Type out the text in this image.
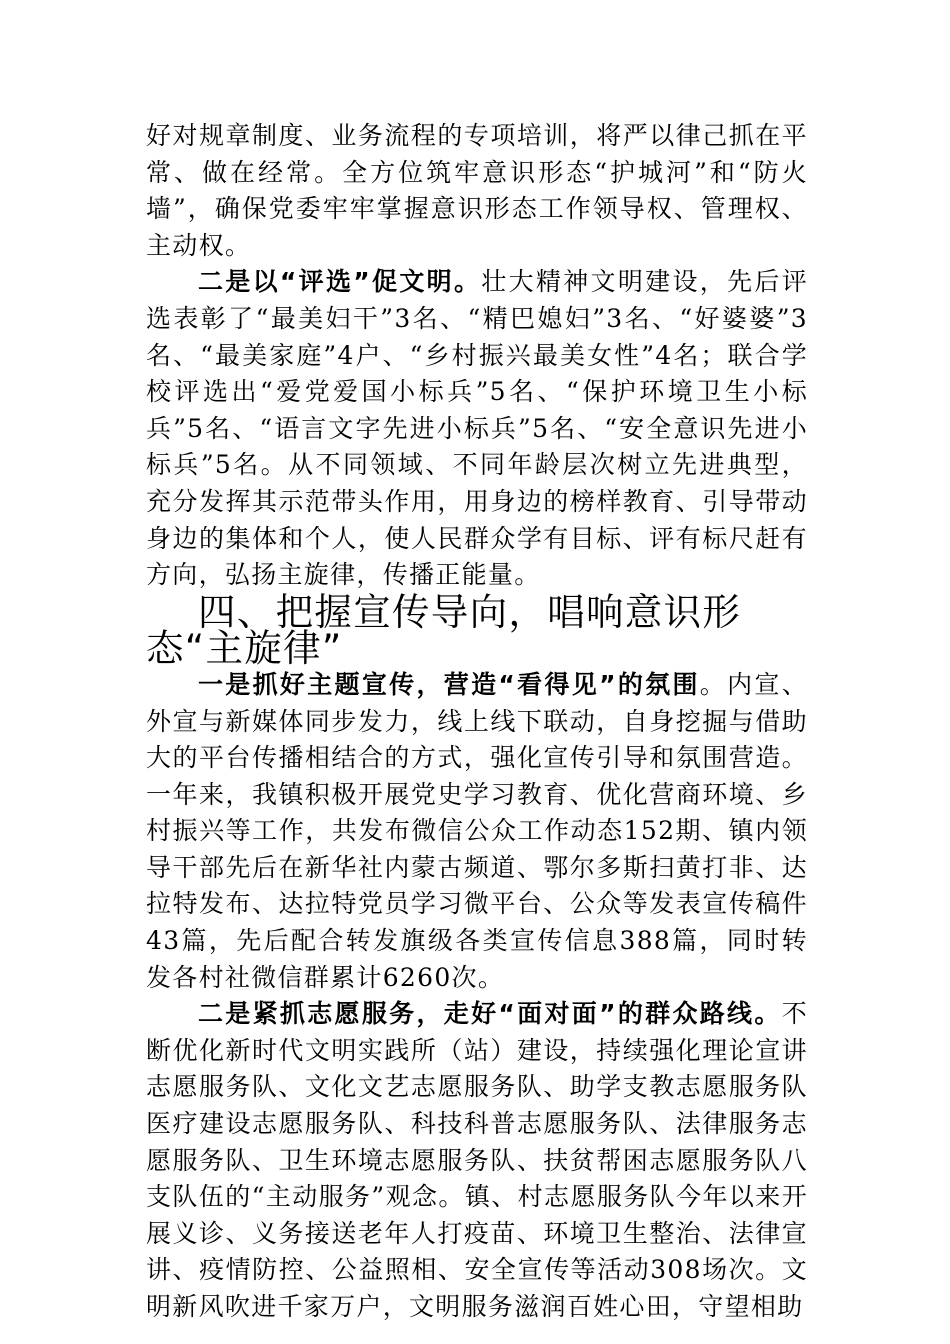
好对规章制度、业务流程的专项培训，将严以律己抓在平常、做在经常。全方位筑牢意识形态“护城河”和“防火墙”，确保党委牢牢掌握意识形态工作领导权、管理权、主动权。

二是以“评选”促文明。壮大精神文明建设，先后评选表彰了“最美妇干”3名、“精巴媳妇”3名、“好婆婆”3名、“最美家庭”4户、“乡村振兴最美女性”4名；联合学校评选出“爱党爱国小标兵”5名、“保护环境卫生小标兵”5名、“语言文字先进小标兵”5名、“安全意识先进小标兵”5名。从不同领域、不同年龄层次树立先进典型，充分发挥其示范带头作用，用身边的榜样教育、引导带动身边的集体和个人，使人民群众学有目标、评有标尺赶有方向，弘扬主旋律，传播正能量。

四、把握宣传导向，唱响意识形态“主旋律”

一是抓好主题宣传，营造“看得见”的氛围。内宣、外宣与新媒体同步发力，线上线下联动，自身挖掘与借助大的平台传播相结合的方式，强化宣传引导和氛围营造。一年来，我镇积极开展党史学习教育、优化营商环境、乡村振兴等工作，共发布微信公众工作动态152期、镇内领导干部先后在新华社内蒙古频道、鄂尔多斯扫黄打非、达拉特发布、达拉特党员学习微平台、公众等发表宣传稿件43篇，先后配合转发旗级各类宣传信息388篇，同时转发各村社微信群累计6260次。

二是紧抓志愿服务，走好“面对面”的群众路线。不断优化新时代文明实践所（站）建设，持续强化理论宣讲志愿服务队、文化文艺志愿服务队、助学支教志愿服务队医疗建设志愿服务队、科技科普志愿服务队、法律服务志愿服务队、卫生环境志愿服务队、扶贫帮困志愿服务队八支队伍的“主动服务”观念。镇、村志愿服务队今年以来开展义诊、义务接送老年人打疫苗、环境卫生整治、法律宣讲、疫情防控、公益照相、安全宣传等活动308场次。文明新风吹进千家万户，文明服务滋润百姓心田，守望相助
